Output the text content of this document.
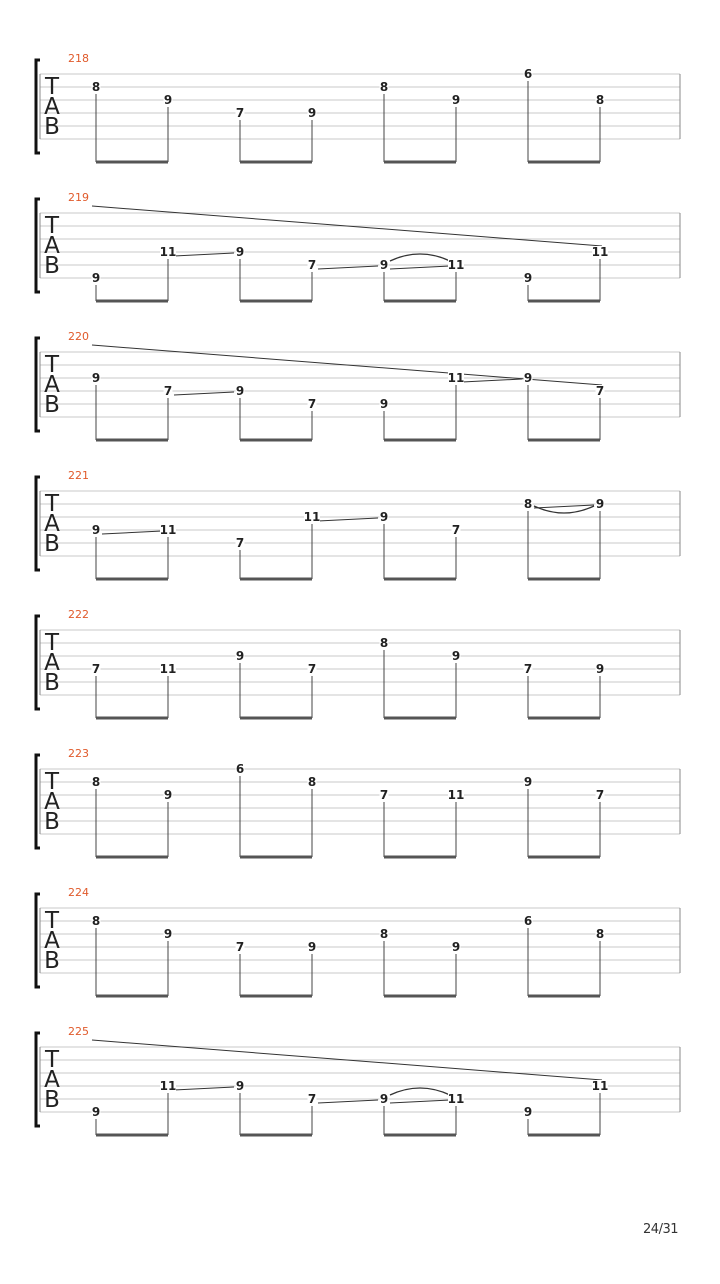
218
T
A
B
8
9
7	9
8
9
6
8
219
T
A
B	9
11	9
7	9	11
9
11
220
T
A
B
9
7	9
7	9
11	9
7
221
T
A
B
9	11
7
11	9
7
8	9
222
T
A
B
7	11
9
7
8
9
7	9
223
T
A
B
8
9
6
8
7	11
9
7
224
T
A
B
8
9
7	9
8
9
6
8
225
T
A
B	9
11	9
7	9	11
9
11
24/31
